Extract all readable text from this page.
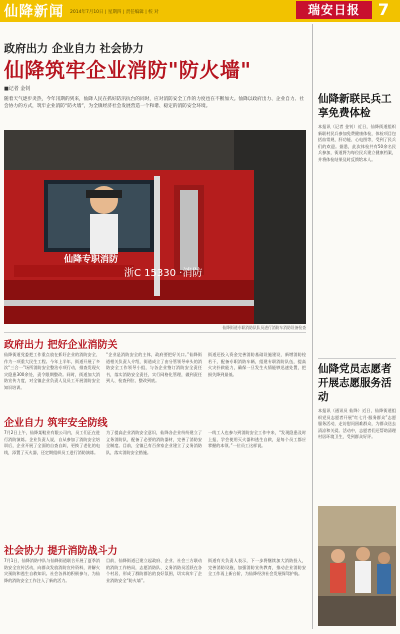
仙降新闻 2014年7月10日 | 星期四 | 责任编辑 | 校 对	瑞安日报	7
政府出力 企业自力 社会协力
仙降筑牢企业消防"防火墙"
■记者 金钊
随着天气逐步炎热，今年汛期的到来，仙降人民在抓好防汛抗台的同时，应对消防安全工作的力度也在不断加大。仙降以政府出力、企业自力、社会协力的方式，筑牢企业消防“防火墙”，为全镇经济社会发展营造一个和谐、稳定的消防安全环境。
仙降专职消防
浙C 15330 ·消防
仙降街道专职消防队队员进行消防车消防设备检查
政府出力 把好企业消防关
仙降街道党委把工作重点放在抓好企业的消防安全、作为一项重大民生工程。今年上半年，街道开展了多次“三合一”场所消防安全整治专项行动，排查发现火灾隐患300余处，责令限期整改。同时，街道加大消防宣传力度，对全镇企业负责人及员工开展消防安全知识培训。
“企业是消防安全的主体，政府要把好关口。”仙降街道相关负责人介绍，街道成立了由分管领导牵头的消防安全工作领导小组，与各企业签订消防安全责任书，落实消防安全责任，实行网格化管理，做到责任到人、检查到位、整改到底。
街道还投入资金完善消防基础设施建设，新增消防栓若干，配备专职消防车辆，组建专职消防队伍，提高火灾扑救能力，确保一旦发生火情能够迅速处置，把损失降到最低。
企业自力 筑牢安全防线
7月2日上午，仙降某鞋业有限公司内，员工们正在进行消防演练。企业负责人说，自从参加了消防安全培训后，企业开展了全面的自查自纠，更换了老化的电线，添置了灭火器，还定期组织员工进行消防演练。
为了提高企业消防安全意识，仙降各企业纷纷建立了义务消防队，配备了必要的消防器材，完善了消防安全制度。目前，全镇已有百余家企业建立了义务消防队，落实消防安全措施。
一线工人也参与到消防安全工作中来，“发现隐患及时上报，学会使用灭火器和逃生自救，是每个员工都应掌握的本领。”一位员工这样说。
社会协力 提升消防战斗力
7月1日，仙降消防中队与仙降街道联合开展了夏季消防安全宣传活动，向群众发放消防宣传资料，讲解火灾预防和逃生自救知识。社会各界的积极参与，为仙降的消防安全工作注入了新的活力。
目前，仙降街道已建立起政府、企业、社会三方联动的消防工作格局，志愿消防队、义务消防员活跃在各个村居，形成了群防群治的良好氛围，切实筑牢了企业消防安全“防火墙”。
街道有关负责人表示，下一步将继续加大消防投入，完善消防设施，加强消防宣传教育，推动企业消防安全工作再上新台阶，为仙降经济社会发展保驾护航。
仙降新联民兵工享免费体检
本报讯（记者 金钊）近日，仙降街道组织新联村民兵参加免费健康体检，体检项目包括血常规、肝功能、心电图等，受到了民兵们的欢迎。据悉，此次体检共有50余名民兵参加，街道将为每位民兵建立健康档案，并将体检结果及时反馈给本人。
仙降党员志愿者开展志愿服务活动
本报讯（通讯员 仙降）近日，仙降街道组织党员志愿者开展“红七月·服务群众”志愿服务活动，走访慰问困难群众，为群众送去清凉和关爱。活动中，志愿者们还帮助清理村居环境卫生，受到群众好评。
